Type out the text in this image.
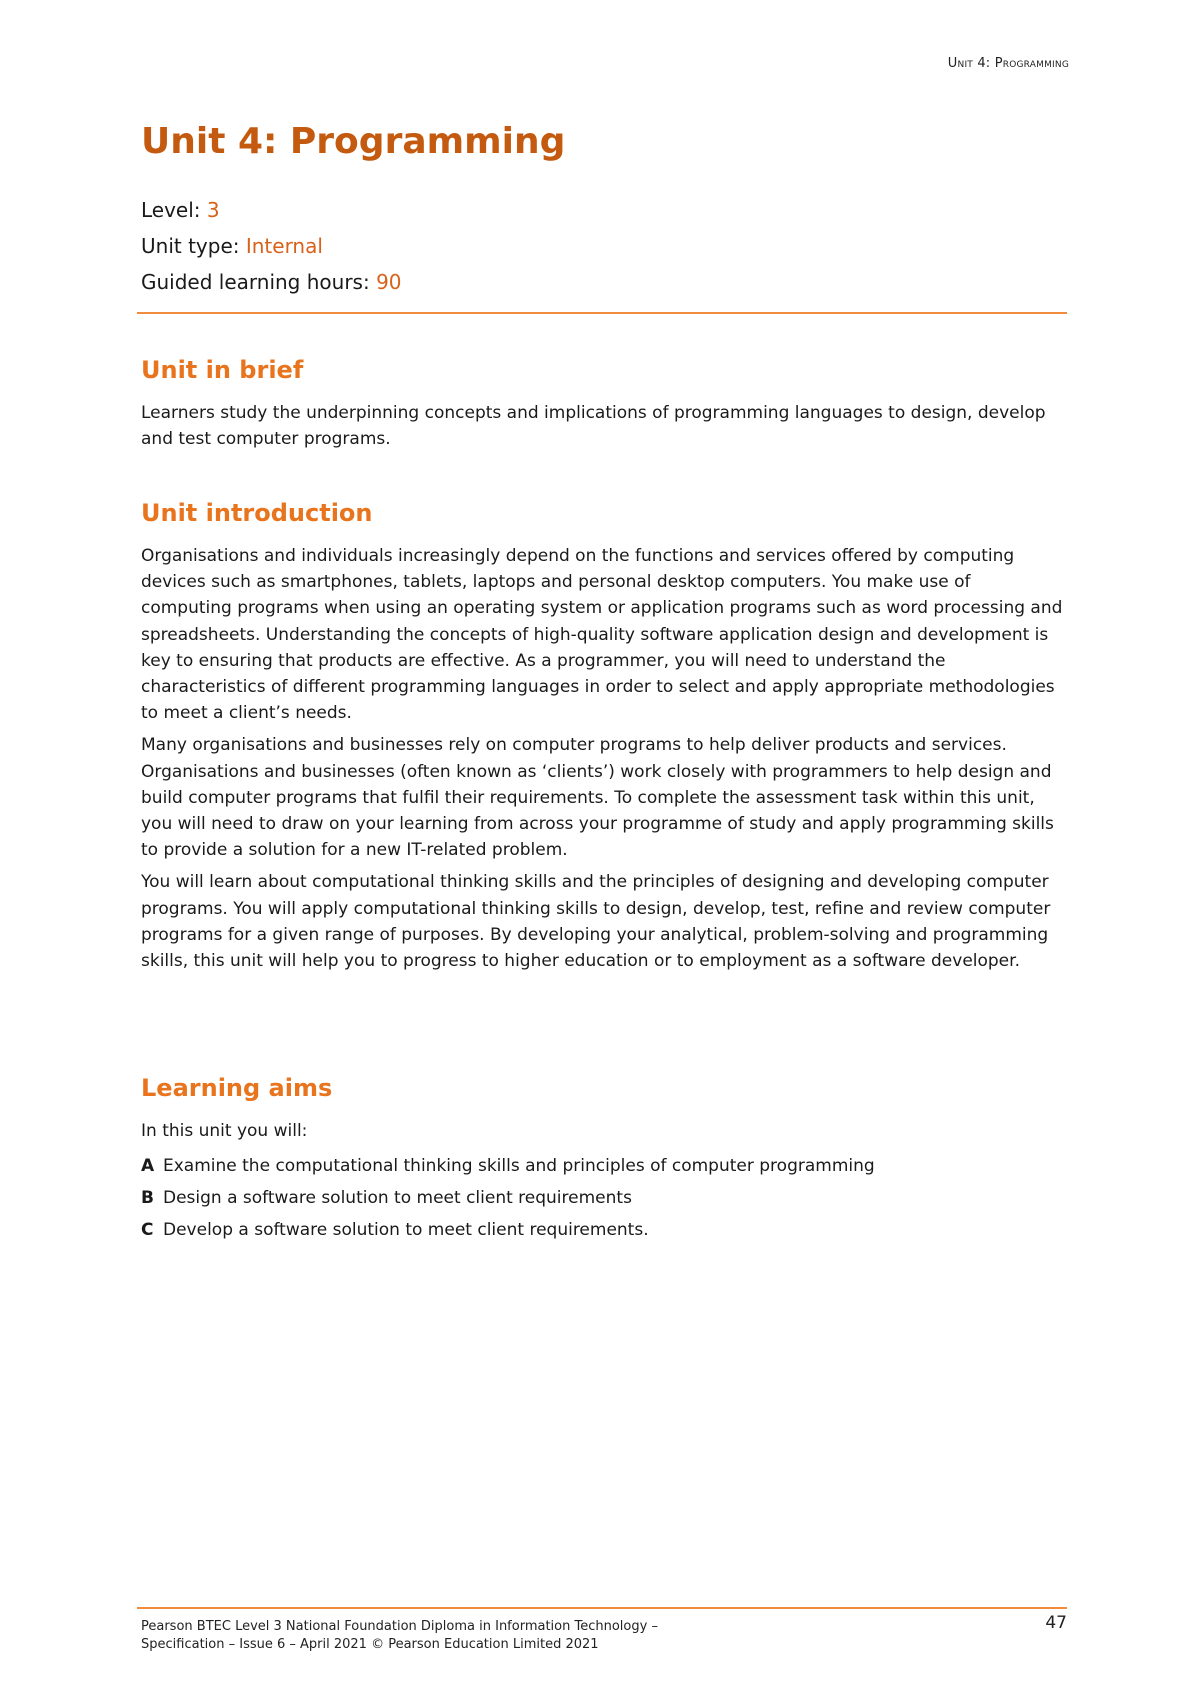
Unit 4: Programming
Unit 4: Programming
Level: 3
Unit type: Internal
Guided learning hours: 90
Unit in brief

Learners study the underpinning concepts and implications of programming languages to design, develop and test computer programs.

Unit introduction

Organisations and individuals increasingly depend on the functions and services offered by computing devices such as smartphones, tablets, laptops and personal desktop computers. You make use of computing programs when using an operating system or application programs such as word processing and spreadsheets. Understanding the concepts of high-quality software application design and development is key to ensuring that products are effective. As a programmer, you will need to understand the characteristics of different programming languages in order to select and apply appropriate methodologies to meet a client’s needs.

Many organisations and businesses rely on computer programs to help deliver products and services. Organisations and businesses (often known as ‘clients’) work closely with programmers to help design and build computer programs that fulfil their requirements. To complete the assessment task within this unit, you will need to draw on your learning from across your programme of study and apply programming skills to provide a solution for a new IT-related problem.

You will learn about computational thinking skills and the principles of designing and developing computer programs. You will apply computational thinking skills to design, develop, test, refine and review computer programs for a given range of purposes. By developing your analytical, problem-solving and programming skills, this unit will help you to progress to higher education or to employment as a software developer.

Learning aims

In this unit you will:

A Examine the computational thinking skills and principles of computer programming
B Design a software solution to meet client requirements
C Develop a software solution to meet client requirements.
Pearson BTEC Level 3 National Foundation Diploma in Information Technology –
Specification – Issue 6 – April 2021 © Pearson Education Limited 2021
47
